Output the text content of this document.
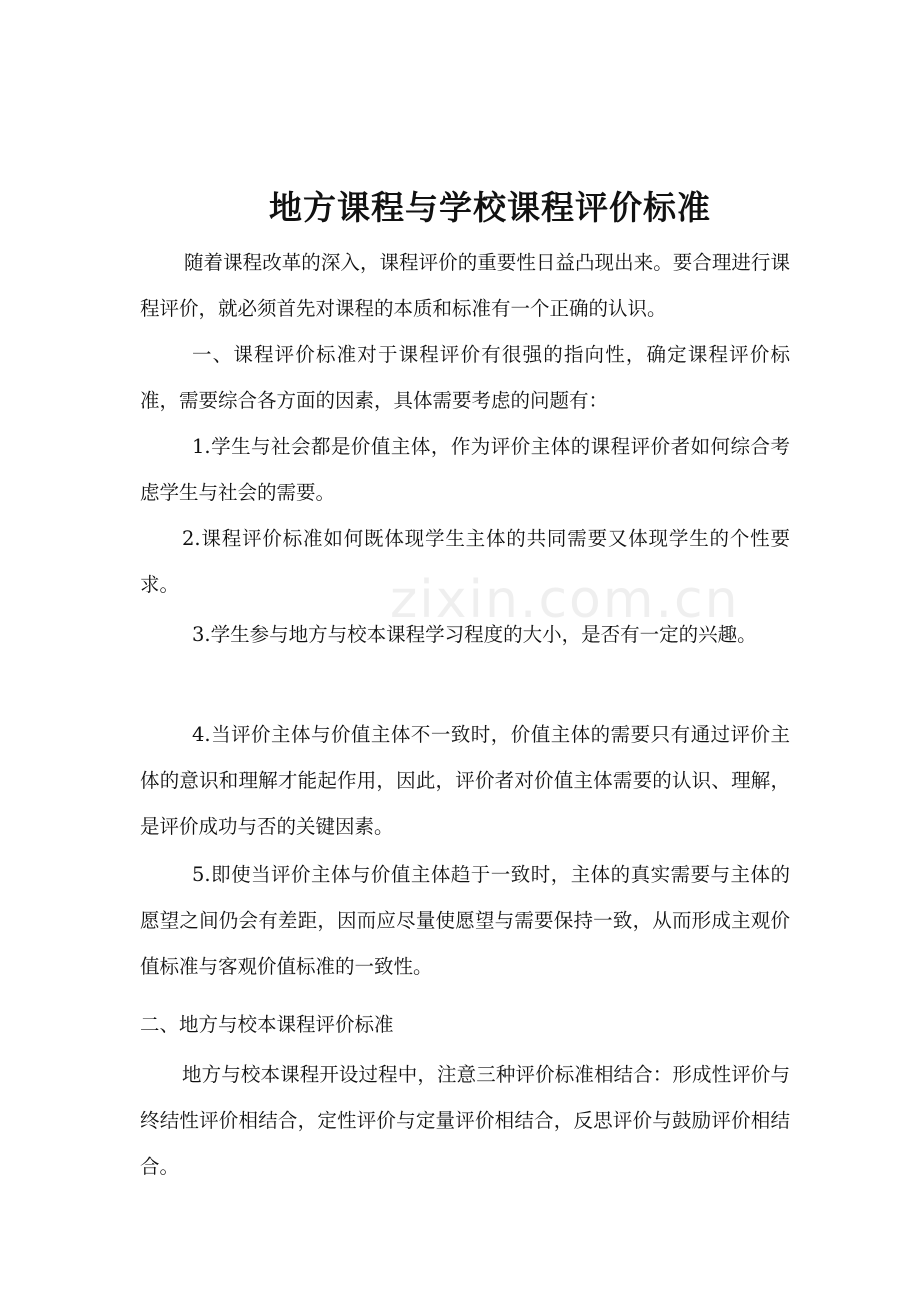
地方课程与学校课程评价标准

随着课程改革的深入，课程评价的重要性日益凸现出来。要合理进行课程评价，就必须首先对课程的本质和标准有一个正确的认识。

一、课程评价标准对于课程评价有很强的指向性，确定课程评价标准，需要综合各方面的因素，具体需要考虑的问题有：

1.学生与社会都是价值主体，作为评价主体的课程评价者如何综合考虑学生与社会的需要。

2.课程评价标准如何既体现学生主体的共同需要又体现学生的个性要求。

3.学生参与地方与校本课程学习程度的大小，是否有一定的兴趣。

4.当评价主体与价值主体不一致时，价值主体的需要只有通过评价主体的意识和理解才能起作用，因此，评价者对价值主体需要的认识、理解，是评价成功与否的关键因素。

5.即使当评价主体与价值主体趋于一致时，主体的真实需要与主体的愿望之间仍会有差距，因而应尽量使愿望与需要保持一致，从而形成主观价值标准与客观价值标准的一致性。

二、地方与校本课程评价标准

地方与校本课程开设过程中，注意三种评价标准相结合：形成性评价与终结性评价相结合，定性评价与定量评价相结合，反思评价与鼓励评价相结合。

zixin.com.cn
